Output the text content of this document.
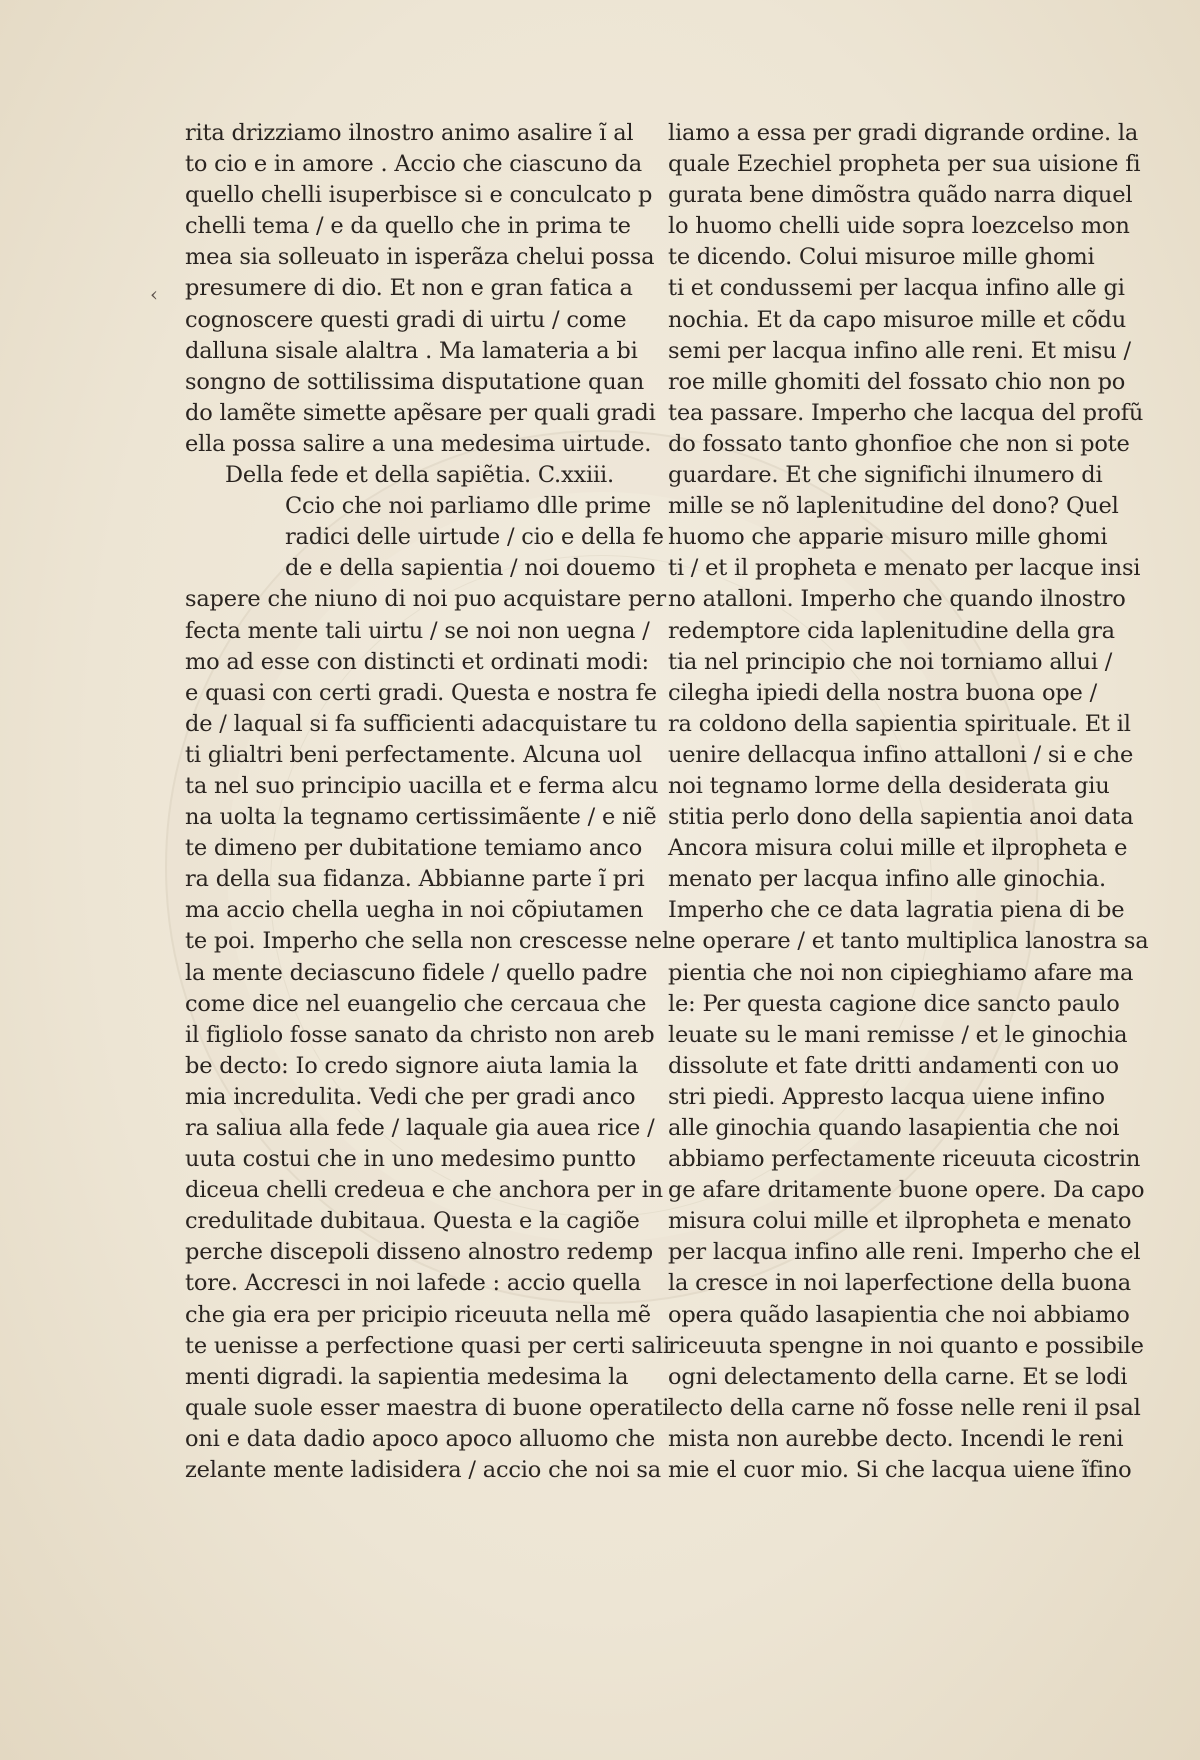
‹
rita drizziamo ilnostro animo asalire ĩ al
to cio e in amore . Accio che ciascuno da
quello chelli isuperbisce si e conculcato p
chelli tema / e da quello che in prima te
mea sia solleuato in isperãza chelui possa
presumere di dio. Et non e gran fatica a
cognoscere questi gradi di uirtu / come
dalluna sisale alaltra . Ma lamateria a bi
songno de sottilissima disputatione quan
do lamẽte simette apẽsare per quali gradi
ella possa salire a una medesima uirtude.
Della fede et della sapiẽtia. C.xxiii.
Ccio che noi parliamo dlle prime
radici delle uirtude / cio e della fe
de e della sapientia / noi douemo
sapere che niuno di noi puo acquistare per
fecta mente tali uirtu / se noi non uegna /
mo ad esse con distincti et ordinati modi:
e quasi con certi gradi. Questa e nostra fe
de / laqual si fa sufficienti adacquistare tu
ti glialtri beni perfectamente. Alcuna uol
ta nel suo principio uacilla et e ferma alcu
na uolta la tegnamo certissimãente / e niẽ
te dimeno per dubitatione temiamo anco
ra della sua fidanza. Abbianne parte ĩ pri
ma accio chella uegha in noi cõpiutamen
te poi. Imperho che sella non crescesse nel
la mente deciascuno fidele / quello padre
come dice nel euangelio che cercaua che
il figliolo fosse sanato da christo non areb
be decto: Io credo signore aiuta lamia la
mia incredulita. Vedi che per gradi anco
ra saliua alla fede / laquale gia auea rice /
uuta costui che in uno medesimo puntto
diceua chelli credeua e che anchora per in
credulitade dubitaua. Questa e la cagiõe
perche discepoli disseno alnostro redemp
tore. Accresci in noi lafede : accio quella
che gia era per pricipio riceuuta nella mẽ
te uenisse a perfectione quasi per certi sali
menti digradi. la sapientia medesima la
quale suole esser maestra di buone operati
oni e data dadio apoco apoco alluomo che
zelante mente ladisidera / accio che noi sa
liamo a essa per gradi digrande ordine. la
quale Ezechiel propheta per sua uisione fi
gurata bene dimõstra quãdo narra diquel
lo huomo chelli uide sopra loezcelso mon
te dicendo. Colui misuroe mille ghomi
ti et condussemi per lacqua infino alle gi
nochia. Et da capo misuroe mille et cõdu
semi per lacqua infino alle reni. Et misu /
roe mille ghomiti del fossato chio non po
tea passare. Imperho che lacqua del profũ
do fossato tanto ghonfioe che non si pote
guardare. Et che significhi ilnumero di
mille se nõ laplenitudine del dono? Quel
huomo che apparie misuro mille ghomi
ti / et il propheta e menato per lacque insi
no atalloni. Imperho che quando ilnostro
redemptore cida laplenitudine della gra
tia nel principio che noi torniamo allui /
cilegha ipiedi della nostra buona ope /
ra coldono della sapientia spirituale. Et il
uenire dellacqua infino attalloni / si e che
noi tegnamo lorme della desiderata giu
stitia perlo dono della sapientia anoi data
Ancora misura colui mille et ilpropheta e
menato per lacqua infino alle ginochia.
Imperho che ce data lagratia piena di be
ne operare / et tanto multiplica lanostra sa
pientia che noi non cipieghiamo afare ma
le: Per questa cagione dice sancto paulo
leuate su le mani remisse / et le ginochia
dissolute et fate dritti andamenti con uo
stri piedi. Appresto lacqua uiene infino
alle ginochia quando lasapientia che noi
abbiamo perfectamente riceuuta cicostrin
ge afare dritamente buone opere. Da capo
misura colui mille et ilpropheta e menato
per lacqua infino alle reni. Imperho che el
la cresce in noi laperfectione della buona
opera quãdo lasapientia che noi abbiamo
riceuuta spengne in noi quanto e possibile
ogni delectamento della carne. Et se lodi
lecto della carne nõ fosse nelle reni il psal
mista non aurebbe decto. Incendi le reni
mie el cuor mio. Si che lacqua uiene ĩfino
